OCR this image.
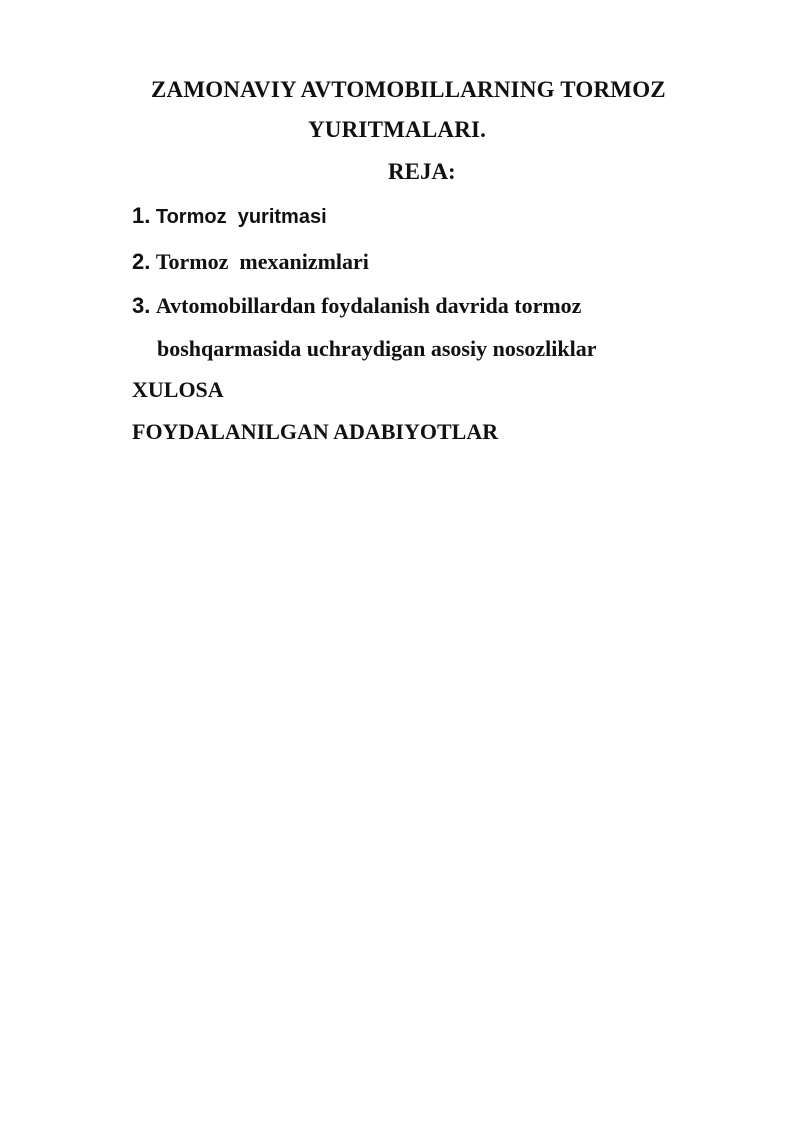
ZAMONAVIY AVTOMOBILLARNING TORMOZ
YURITMALARI.
REJA:
1. Tormoz  yuritmasi
2. Tormoz  mexanizmlari
3. Avtomobillardan foydalanish davrida tormoz
boshqarmasida uchraydigan asosiy nosozliklar
XULOSA
FOYDALANILGAN ADABIYOTLAR
